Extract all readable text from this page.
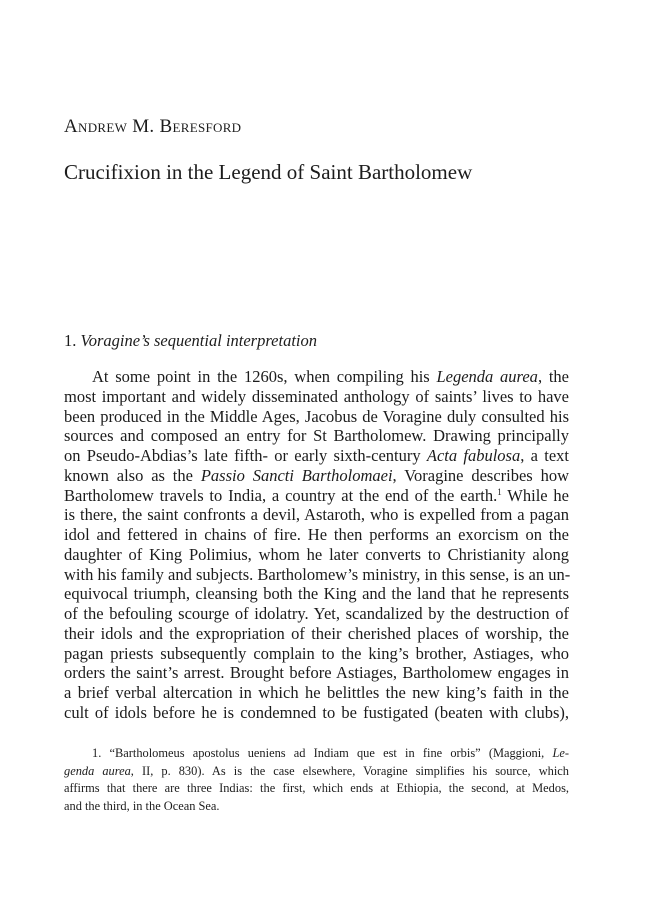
Andrew M. Beresford
Crucifixion in the Legend of Saint Bartholomew
1. Voragine’s sequential interpretation
At some point in the 1260s, when compiling his Legenda aurea, the
most important and widely disseminated anthology of saints’ lives to have
been produced in the Middle Ages, Jacobus de Voragine duly consulted his
sources and composed an entry for St Bartholomew. Drawing principally
on Pseudo-Abdias’s late fifth- or early sixth-century Acta fabulosa, a text
known also as the Passio Sancti Bartholomaei, Voragine describes how
Bartholomew travels to India, a country at the end of the earth.$^1$ While he
is there, the saint confronts a devil, Astaroth, who is expelled from a pagan
idol and fettered in chains of fire. He then performs an exorcism on the
daughter of King Polimius, whom he later converts to Christianity along
with his family and subjects. Bartholomew’s ministry, in this sense, is an un-
equivocal triumph, cleansing both the King and the land that he represents
of the befouling scourge of idolatry. Yet, scandalized by the destruction of
their idols and the expropriation of their cherished places of worship, the
pagan priests subsequently complain to the king’s brother, Astiages, who
orders the saint’s arrest. Brought before Astiages, Bartholomew engages in
a brief verbal altercation in which he belittles the new king’s faith in the
cult of idols before he is condemned to be fustigated (beaten with clubs),
1. “Bartholomeus apostolus ueniens ad Indiam que est in fine orbis” (Maggioni, Le-
genda aurea, II, p. 830). As is the case elsewhere, Voragine simplifies his source, which
affirms that there are three Indias: the first, which ends at Ethiopia, the second, at Medos,
and the third, in the Ocean Sea.
